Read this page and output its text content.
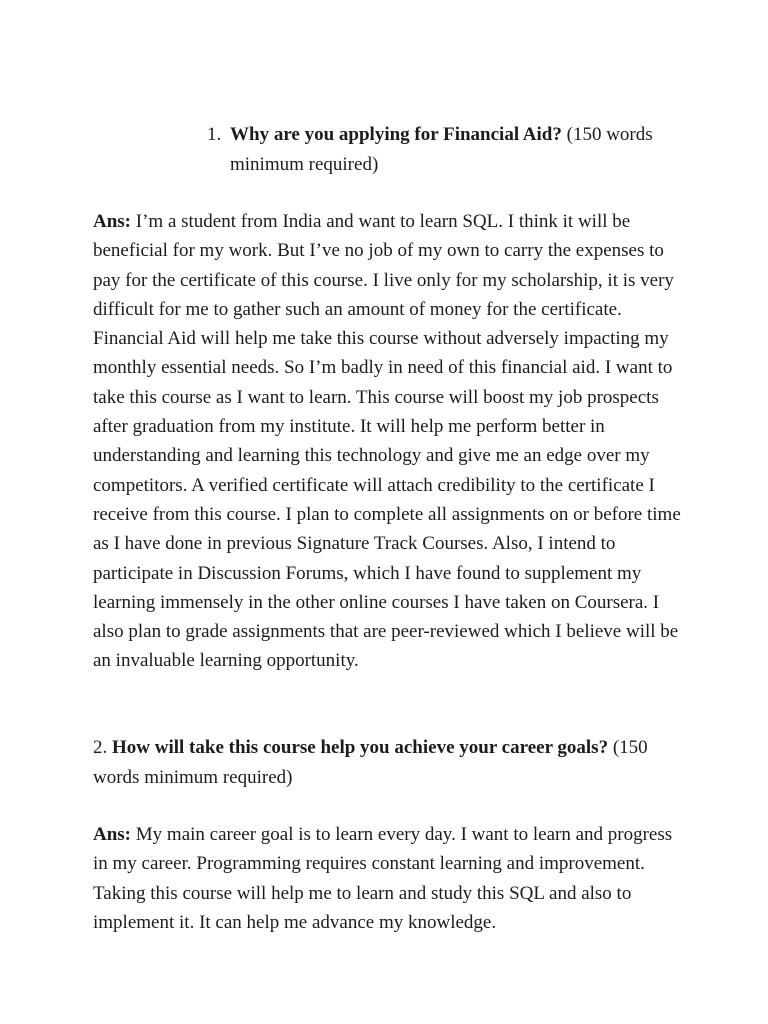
1. Why are you applying for Financial Aid? (150 words minimum required)

Ans: I’m a student from India and want to learn SQL. I think it will be beneficial for my work. But I’ve no job of my own to carry the expenses to pay for the certificate of this course. I live only for my scholarship, it is very difficult for me to gather such an amount of money for the certificate. Financial Aid will help me take this course without adversely impacting my monthly essential needs. So I’m badly in need of this financial aid. I want to take this course as I want to learn. This course will boost my job prospects after graduation from my institute. It will help me perform better in understanding and learning this technology and give me an edge over my competitors. A verified certificate will attach credibility to the certificate I receive from this course. I plan to complete all assignments on or before time as I have done in previous Signature Track Courses. Also, I intend to participate in Discussion Forums, which I have found to supplement my learning immensely in the other online courses I have taken on Coursera. I also plan to grade assignments that are peer-reviewed which I believe will be an invaluable learning opportunity.

2. How will take this course help you achieve your career goals? (150 words minimum required)

Ans: My main career goal is to learn every day. I want to learn and progress in my career. Programming requires constant learning and improvement. Taking this course will help me to learn and study this SQL and also to implement it. It can help me advance my knowledge.
